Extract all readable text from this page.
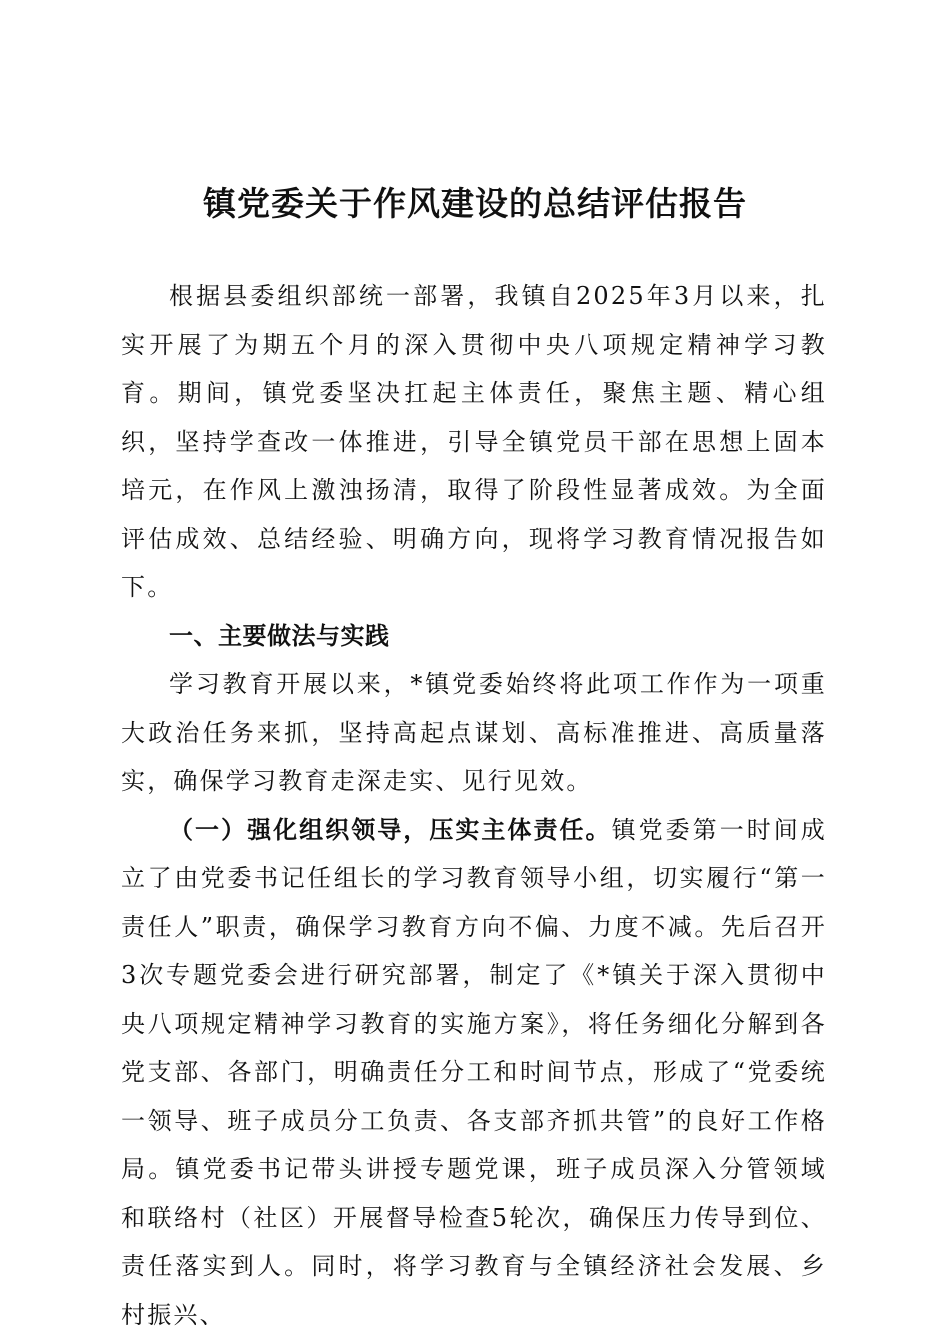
镇党委关于作风建设的总结评估报告

根据县委组织部统一部署，我镇自2025年3月以来，扎实开展了为期五个月的深入贯彻中央八项规定精神学习教育。期间，镇党委坚决扛起主体责任，聚焦主题、精心组织，坚持学查改一体推进，引导全镇党员干部在思想上固本培元，在作风上激浊扬清，取得了阶段性显著成效。为全面评估成效、总结经验、明确方向，现将学习教育情况报告如下。

一、主要做法与实践

学习教育开展以来，*镇党委始终将此项工作作为一项重大政治任务来抓，坚持高起点谋划、高标准推进、高质量落实，确保学习教育走深走实、见行见效。

（一）强化组织领导，压实主体责任。镇党委第一时间成立了由党委书记任组长的学习教育领导小组，切实履行“第一责任人”职责，确保学习教育方向不偏、力度不减。先后召开3次专题党委会进行研究部署，制定了《*镇关于深入贯彻中央八项规定精神学习教育的实施方案》，将任务细化分解到各党支部、各部门，明确责任分工和时间节点，形成了“党委统一领导、班子成员分工负责、各支部齐抓共管”的良好工作格局。镇党委书记带头讲授专题党课，班子成员深入分管领域和联络村（社区）开展督导检查5轮次，确保压力传导到位、责任落实到人。同时，将学习教育与全镇经济社会发展、乡村振兴、
